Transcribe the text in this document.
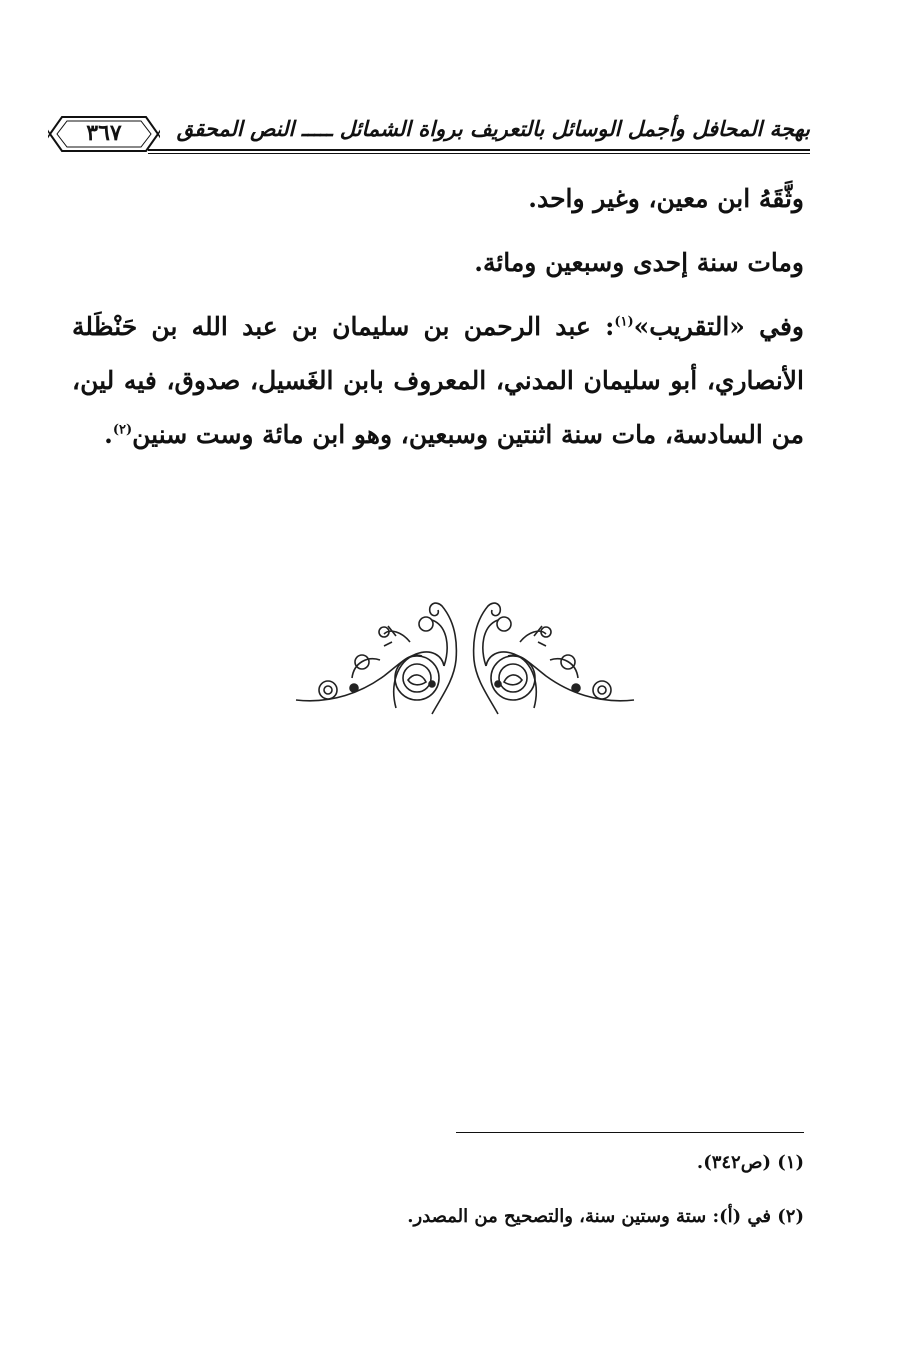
٣٦٧	بهجة المحافل وأجمل الوسائل بالتعريف برواة الشمائل ـــــ النص المحقق
وثَّقَهُ ابن معين، وغير واحد.
ومات سنة إحدى وسبعين ومائة.
وفي «التقريب»$^{(١)}$: عبد الرحمن بن سليمان بن عبد الله بن حَنْظَلة الأنصاري، أبو سليمان المدني، المعروف بابن الغَسيل، صدوق، فيه لين، من السادسة، مات سنة اثنتين وسبعين، وهو ابن مائة وست سنين$^{(٢)}$.
(١) (ص٣٤٢).
(٢) في (أ): ستة وستين سنة، والتصحيح من المصدر.
